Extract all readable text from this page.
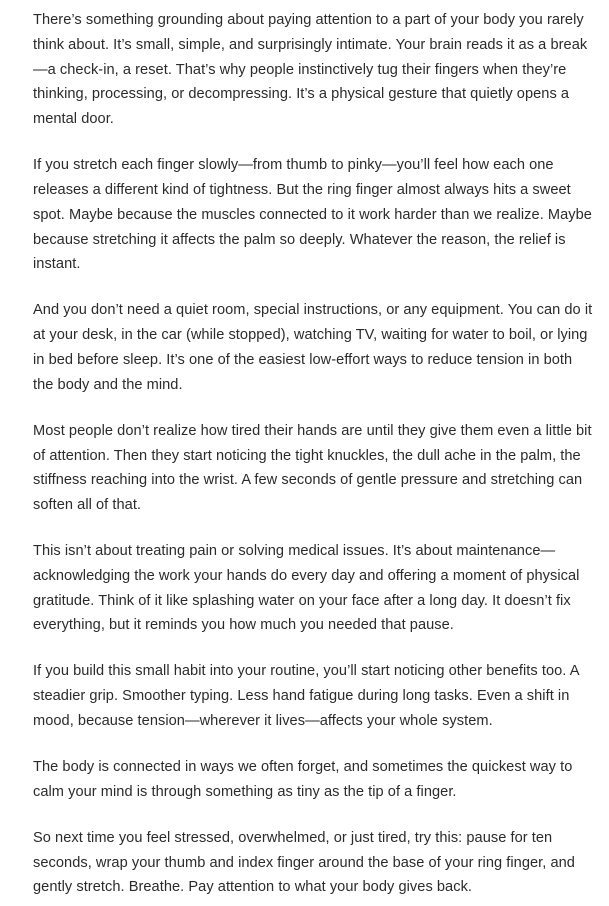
There’s something grounding about paying attention to a part of your body you rarely think about. It’s small, simple, and surprisingly intimate. Your brain reads it as a break—a check-in, a reset. That’s why people instinctively tug their fingers when they’re thinking, processing, or decompressing. It’s a physical gesture that quietly opens a mental door.

If you stretch each finger slowly—from thumb to pinky—you’ll feel how each one releases a different kind of tightness. But the ring finger almost always hits a sweet spot. Maybe because the muscles connected to it work harder than we realize. Maybe because stretching it affects the palm so deeply. Whatever the reason, the relief is instant.

And you don’t need a quiet room, special instructions, or any equipment. You can do it at your desk, in the car (while stopped), watching TV, waiting for water to boil, or lying in bed before sleep. It’s one of the easiest low-effort ways to reduce tension in both the body and the mind.

Most people don’t realize how tired their hands are until they give them even a little bit of attention. Then they start noticing the tight knuckles, the dull ache in the palm, the stiffness reaching into the wrist. A few seconds of gentle pressure and stretching can soften all of that.

This isn’t about treating pain or solving medical issues. It’s about maintenance—acknowledging the work your hands do every day and offering a moment of physical gratitude. Think of it like splashing water on your face after a long day. It doesn’t fix everything, but it reminds you how much you needed that pause.

If you build this small habit into your routine, you’ll start noticing other benefits too. A steadier grip. Smoother typing. Less hand fatigue during long tasks. Even a shift in mood, because tension—wherever it lives—affects your whole system.

The body is connected in ways we often forget, and sometimes the quickest way to calm your mind is through something as tiny as the tip of a finger.

So next time you feel stressed, overwhelmed, or just tired, try this: pause for ten seconds, wrap your thumb and index finger around the base of your ring finger, and gently stretch. Breathe. Pay attention to what your body gives back.
